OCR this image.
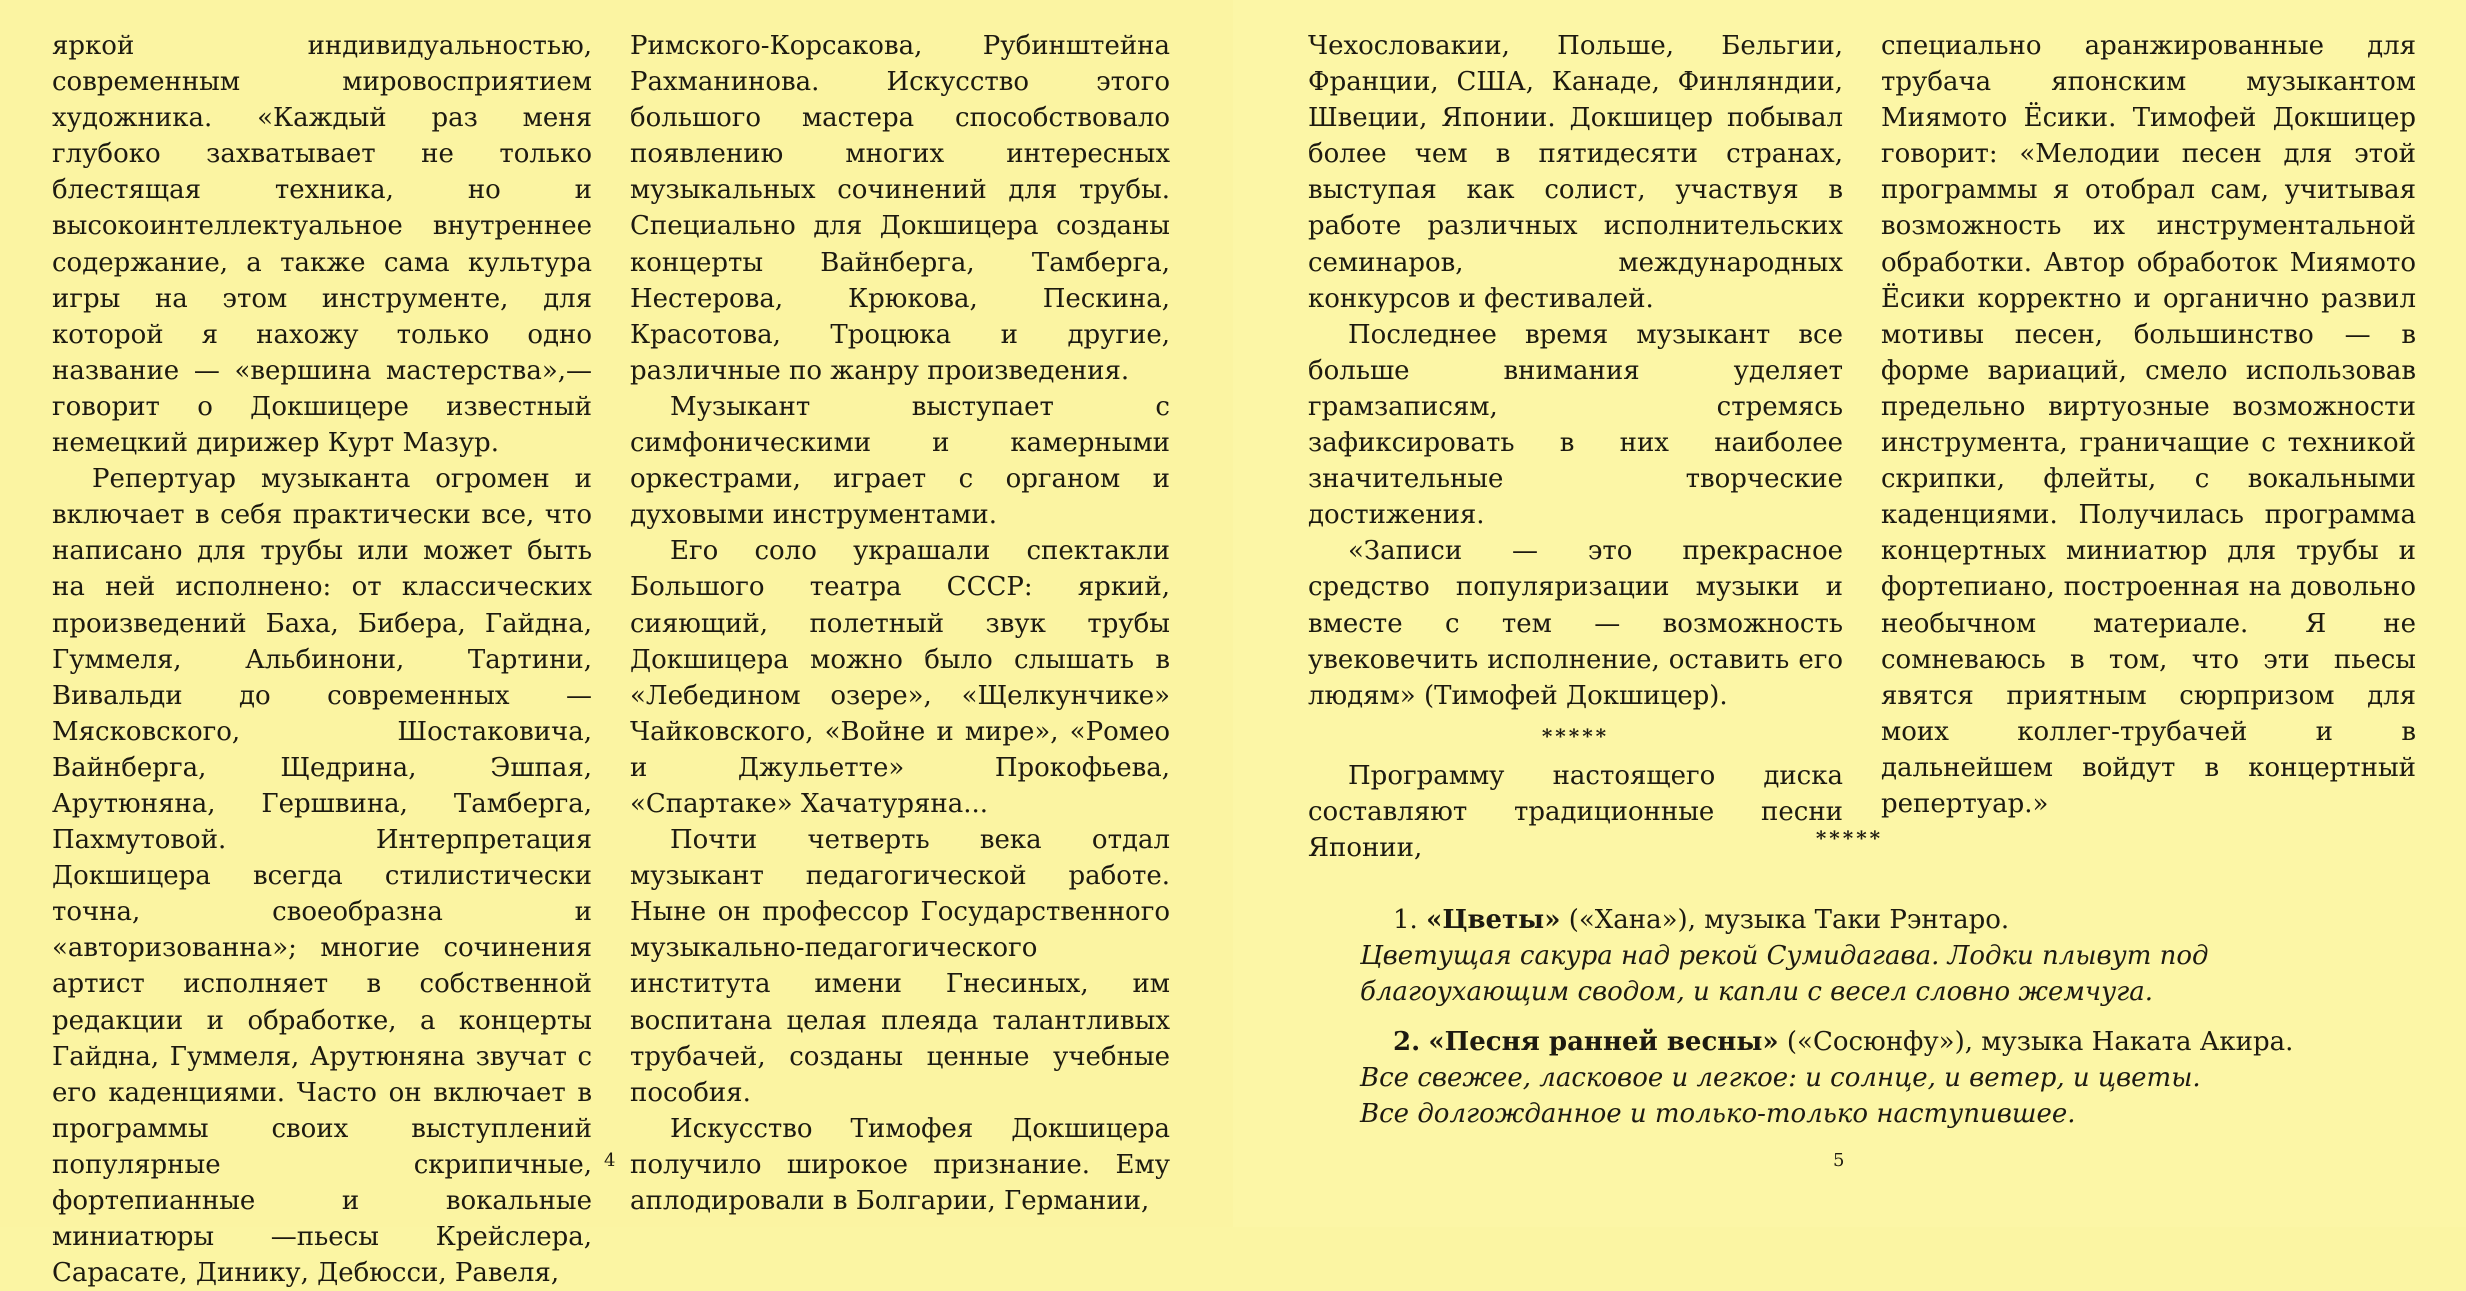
яркой индивидуальностью, современным мировосприятием художника. «Каждый раз меня глубоко захватывает не только блестящая техника, но и высокоинтеллектуальное внутреннее содержание, а также сама культура игры на этом инструменте, для которой я нахожу только одно название — «вершина мастерства»,— говорит о Докшицере известный немецкий дирижер Курт Мазур.

Репертуар музыканта огромен и включает в себя практически все, что написано для трубы или может быть на ней исполнено: от классических произведений Баха, Бибера, Гайдна, Гуммеля, Альбинони, Тартини, Вивальди до современных — Мясковского, Шостаковича, Вайнберга, Щедрина, Эшпая, Арутюняна, Гершвина, Тамберга, Пахмутовой. Интерпретация Докшицера всегда стилистически точна, своеобразна и «авторизованна»; многие сочинения артист исполняет в собственной редакции и обработке, а концерты Гайдна, Гуммеля, Арутюняна звучат с его каденциями. Часто он включает в программы своих выступлений популярные скрипичные, фортепианные и вокальные миниатюры —пьесы Крейслера, Сарасате, Динику, Дебюсси, Равеля,

Римского-Корсакова, Рубинштейна Рахманинова. Искусство этого большого мастера способствовало появлению многих интересных музыкальных сочинений для трубы. Специально для Докшицера созданы концерты Вайнберга, Тамберга, Нестерова, Крюкова, Пескина, Красотова, Троцюка и другие, различные по жанру произведения.

Музыкант выступает с симфоническими и камерными оркестрами, играет с органом и духовыми инструментами.

Его соло украшали спектакли Большого театра СССР: яркий, сияющий, полетный звук трубы Докшицера можно было слышать в «Лебедином озере», «Щелкунчике» Чайковского, «Войне и мире», «Ромео и Джульетте» Прокофьева, «Спартаке» Хачатуряна...

Почти четверть века отдал музыкант педагогической работе. Ныне он профессор Государственного музыкально-педагогического института имени Гнесиных, им воспитана целая плеяда талантливых трубачей, созданы ценные учебные пособия.

Искусство Тимофея Докшицера получило широкое признание. Ему аплодировали в Болгарии, Германии,

4

Чехословакии, Польше, Бельгии, Франции, США, Канаде, Финляндии, Швеции, Японии. Докшицер побывал более чем в пятидесяти странах, выступая как солист, участвуя в работе различных исполнительских семинаров, международных конкурсов и фестивалей.

Последнее время музыкант все больше внимания уделяет грамзаписям, стремясь зафиксировать в них наиболее значительные творческие достижения.

«Записи — это прекрасное средство популяризации музыки и вместе с тем — возможность увековечить исполнение, оставить его людям» (Тимофей Докшицер).

*****

Программу настоящего диска составляют традиционные песни Японии,

специально аранжированные для трубача японским музыкантом Миямото Ёсики. Тимофей Докшицер говорит: «Мелодии песен для этой программы я отобрал сам, учитывая возможность их инструментальной обработки. Автор обработок Миямото Ёсики корректно и органично развил мотивы песен, большинство — в форме вариаций, смело использовав предельно виртуозные возможности инструмента, граничащие с техникой скрипки, флейты, с вокальными каденциями. Получилась программа концертных миниатюр для трубы и фортепиано, построенная на довольно необычном материале. Я не сомневаюсь в том, что эти пьесы явятся приятным сюрпризом для моих коллег-трубачей и в дальнейшем войдут в концертный репертуар.»

*****
1. «Цветы» («Хана»), музыка Таки Рэнтаро.
Цветущая сакура над рекой Сумидагава. Лодки плывут под благоухающим сводом, и капли с весел словно жемчуга.
2. «Песня ранней весны» («Сосюнфу»), музыка Наката Акира.
Все свежее, ласковое и легкое: и солнце, и ветер, и цветы.
Все долгожданное и только-только наступившее.
5
